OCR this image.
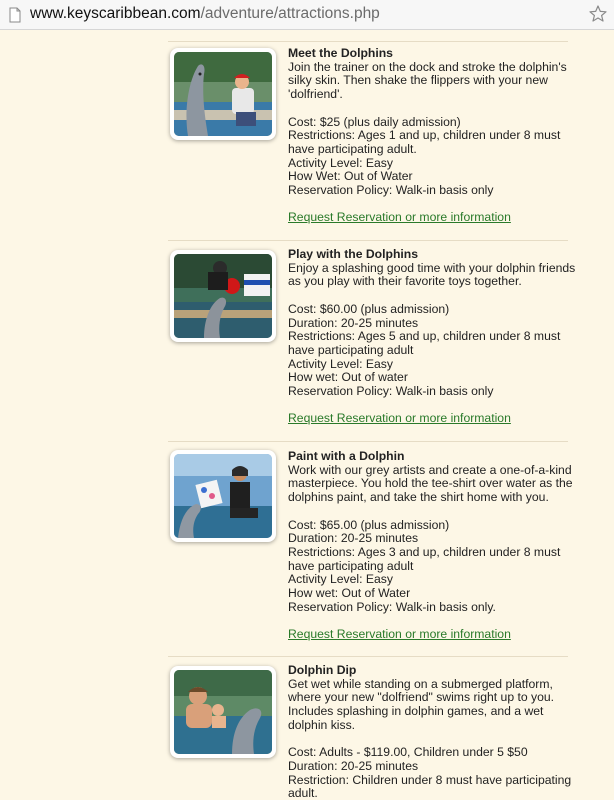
www.keyscaribbean.com/adventure/attractions.php
Meet the Dolphins
Join the trainer on the dock and stroke the dolphin's
silky skin. Then shake the flippers with your new
'dolfriend'.
Cost: $25 (plus daily admission)
Restrictions: Ages 1 and up, children under 8 must
have participating adult.
Activity Level: Easy
How Wet: Out of Water
Reservation Policy: Walk-in basis only
Request Reservation or more information
Play with the Dolphins
Enjoy a splashing good time with your dolphin friends
as you play with their favorite toys together.
Cost: $60.00 (plus admission)
Duration: 20-25 minutes
Restrictions: Ages 5 and up, children under 8 must
have participating adult
Activity Level: Easy
How wet: Out of water
Reservation Policy: Walk-in basis only
Request Reservation or more information
Paint with a Dolphin
Work with our grey artists and create a one-of-a-kind
masterpiece. You hold the tee-shirt over water as the
dolphins paint, and take the shirt home with you.
Cost: $65.00 (plus admission)
Duration: 20-25 minutes
Restrictions: Ages 3 and up, children under 8 must
have participating adult
Activity Level: Easy
How wet: Out of Water
Reservation Policy: Walk-in basis only.
Request Reservation or more information
Dolphin Dip
Get wet while standing on a submerged platform,
where your new "dolfriend" swims right up to you.
Includes splashing in dolphin games, and a wet
dolphin kiss.
Cost: Adults - $119.00, Children under 5 $50
Duration: 20-25 minutes
Restriction: Children under 8 must have participating
adult.
